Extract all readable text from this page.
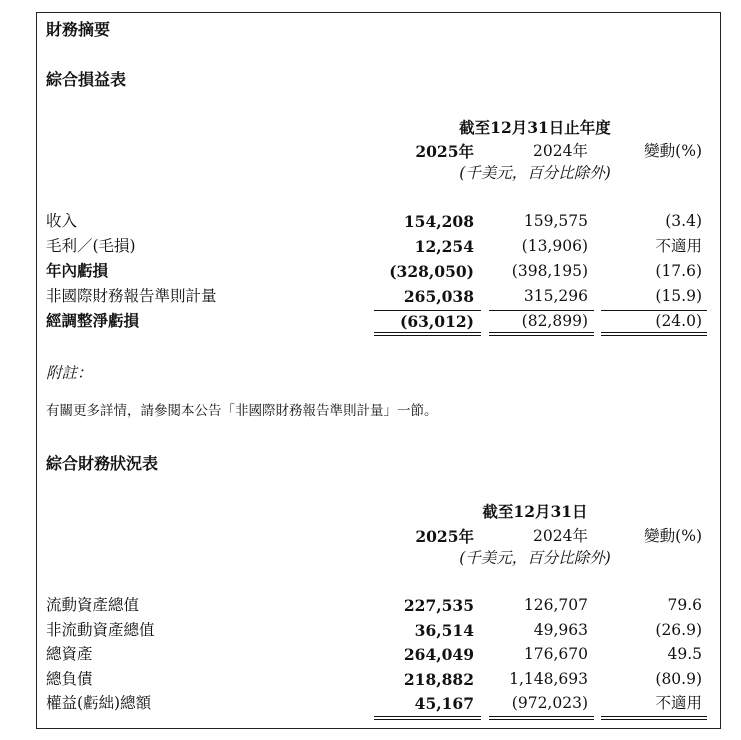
財務摘要
綜合損益表
截至12月31日止年度
2025年	2024年	變動(%)
(千美元，百分比除外)
收入	154,208	159,575	(3.4)
毛利／(毛損)	12,254	(13,906)	不適用
年內虧損	(328,050)	(398,195)	(17.6)
非國際財務報告準則計量	265,038	315,296	(15.9)
經調整淨虧損	(63,012)	(82,899)	(24.0)
附註：
有關更多詳情，請參閱本公告「非國際財務報告準則計量」一節。
綜合財務狀況表
截至12月31日
2025年	2024年	變動(%)
(千美元，百分比除外)
流動資產總值	227,535	126,707	79.6
非流動資產總值	36,514	49,963	(26.9)
總資產	264,049	176,670	49.5
總負債	218,882	1,148,693	(80.9)
權益(虧絀)總額	45,167	(972,023)	不適用
